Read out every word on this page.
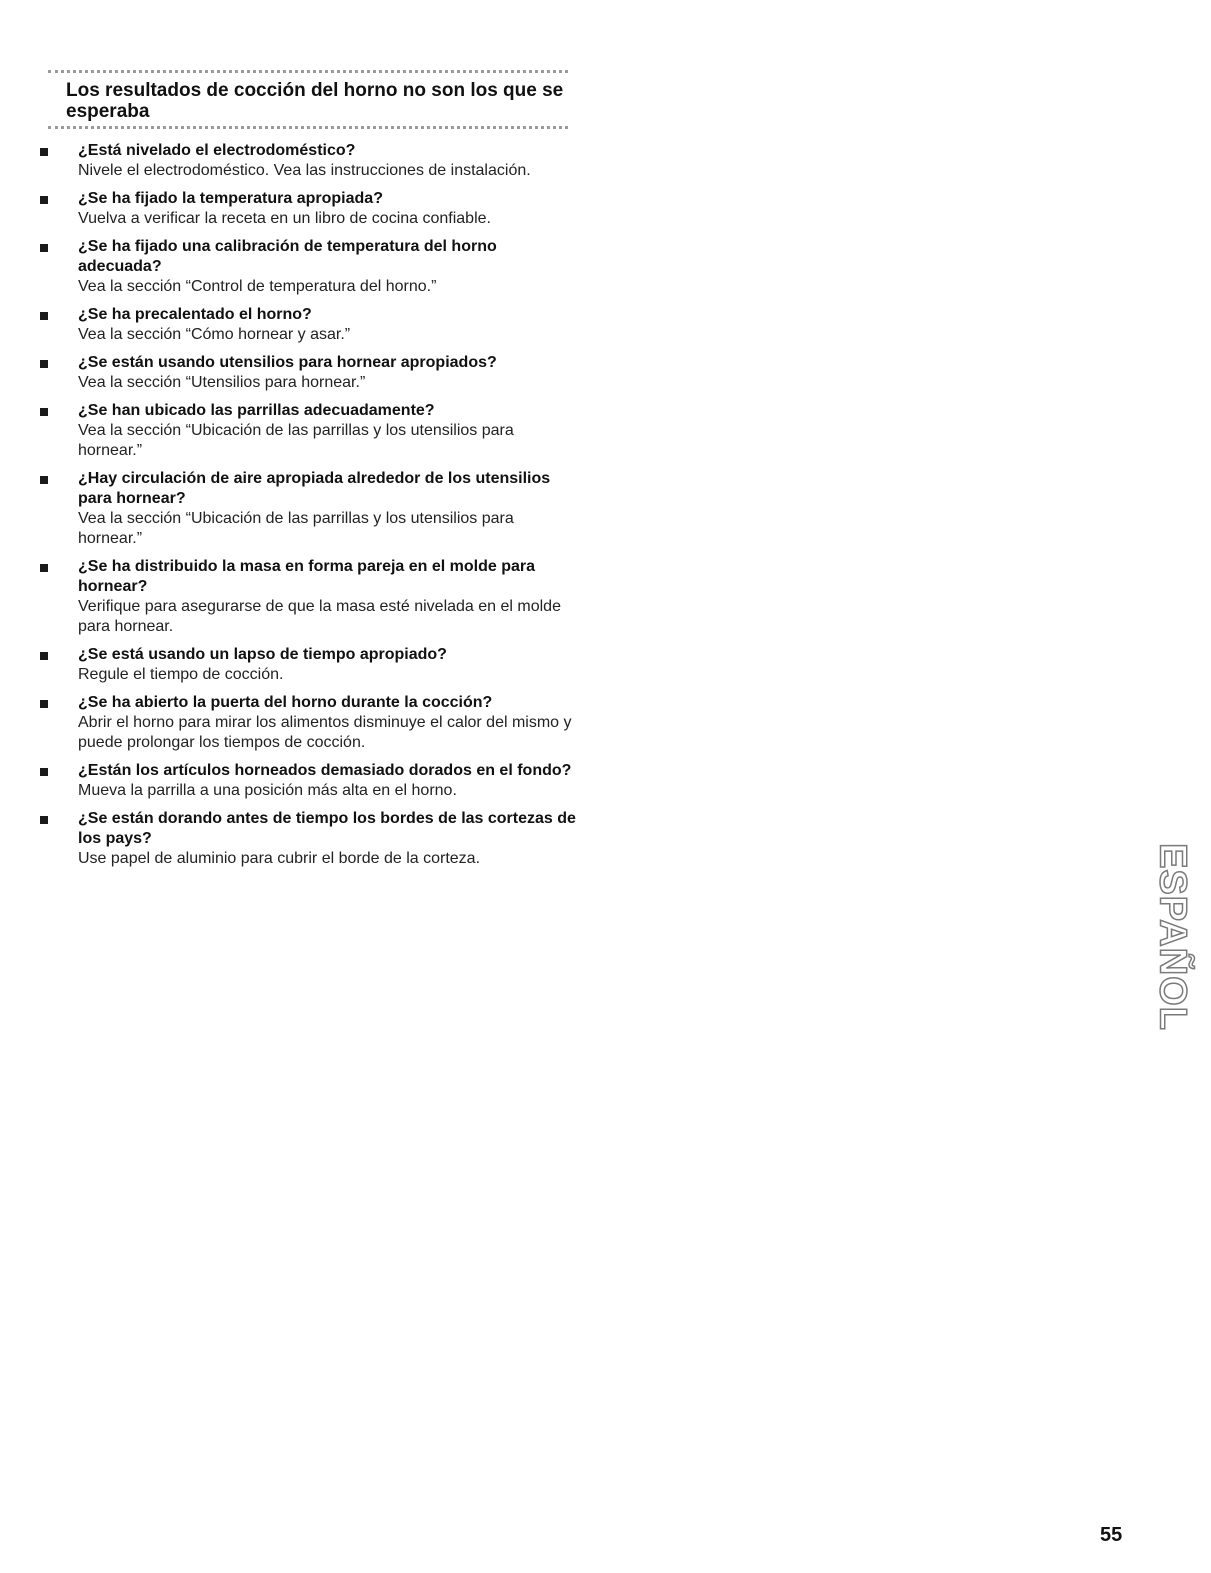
Los resultados de cocción del horno no son los que se esperaba
¿Está nivelado el electrodoméstico?
Nivele el electrodoméstico. Vea las instrucciones de instalación.
¿Se ha fijado la temperatura apropiada?
Vuelva a verificar la receta en un libro de cocina confiable.
¿Se ha fijado una calibración de temperatura del horno adecuada?
Vea la sección “Control de temperatura del horno.”
¿Se ha precalentado el horno?
Vea la sección “Cómo hornear y asar.”
¿Se están usando utensilios para hornear apropiados?
Vea la sección “Utensilios para hornear.”
¿Se han ubicado las parrillas adecuadamente?
Vea la sección “Ubicación de las parrillas y los utensilios para hornear.”
¿Hay circulación de aire apropiada alrededor de los utensilios para hornear?
Vea la sección “Ubicación de las parrillas y los utensilios para hornear.”
¿Se ha distribuido la masa en forma pareja en el molde para hornear?
Verifique para asegurarse de que la masa esté nivelada en el molde para hornear.
¿Se está usando un lapso de tiempo apropiado?
Regule el tiempo de cocción.
¿Se ha abierto la puerta del horno durante la cocción?
Abrir el horno para mirar los alimentos disminuye el calor del mismo y puede prolongar los tiempos de cocción.
¿Están los artículos horneados demasiado dorados en el fondo?
Mueva la parrilla a una posición más alta en el horno.
¿Se están dorando antes de tiempo los bordes de las cortezas de los pays?
Use papel de aluminio para cubrir el borde de la corteza.	ESPAÑOL
55
